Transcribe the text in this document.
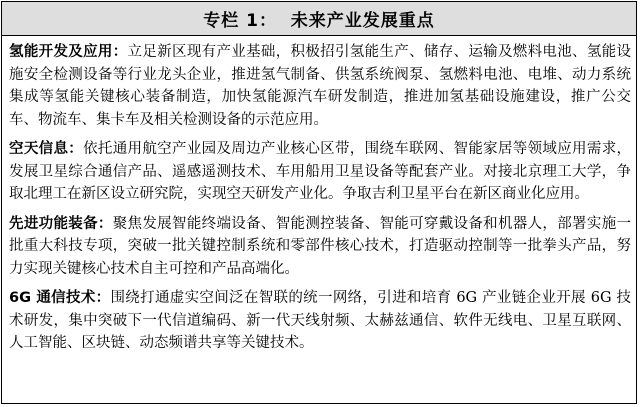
专栏 1：  未来产业发展重点

氢能开发及应用：立足新区现有产业基础，积极招引氢能生产、储存、运输及燃料电池、氢能设施安全检测设备等行业龙头企业，推进氢气制备、供氢系统阀泵、氢燃料电池、电堆、动力系统集成等氢能关键核心装备制造，加快氢能源汽车研发制造，推进加氢基础设施建设，推广公交车、物流车、集卡车及相关检测设备的示范应用。

空天信息：依托通用航空产业园及周边产业核心区带，围绕车联网、智能家居等领域应用需求，发展卫星综合通信产品、遥感遥测技术、车用船用卫星设备等配套产业。对接北京理工大学，争取北理工在新区设立研究院，实现空天研发产业化。争取吉利卫星平台在新区商业化应用。

先进功能装备：聚焦发展智能终端设备、智能测控装备、智能可穿戴设备和机器人，部署实施一批重大科技专项，突破一批关键控制系统和零部件核心技术，打造驱动控制等一批拳头产品，努力实现关键核心技术自主可控和产品高端化。

6G 通信技术：围绕打通虚实空间泛在智联的统一网络，引进和培育 6G 产业链企业开展 6G 技术研发，集中突破下一代信道编码、新一代天线射频、太赫兹通信、软件无线电、卫星互联网、人工智能、区块链、动态频谱共享等关键技术。
